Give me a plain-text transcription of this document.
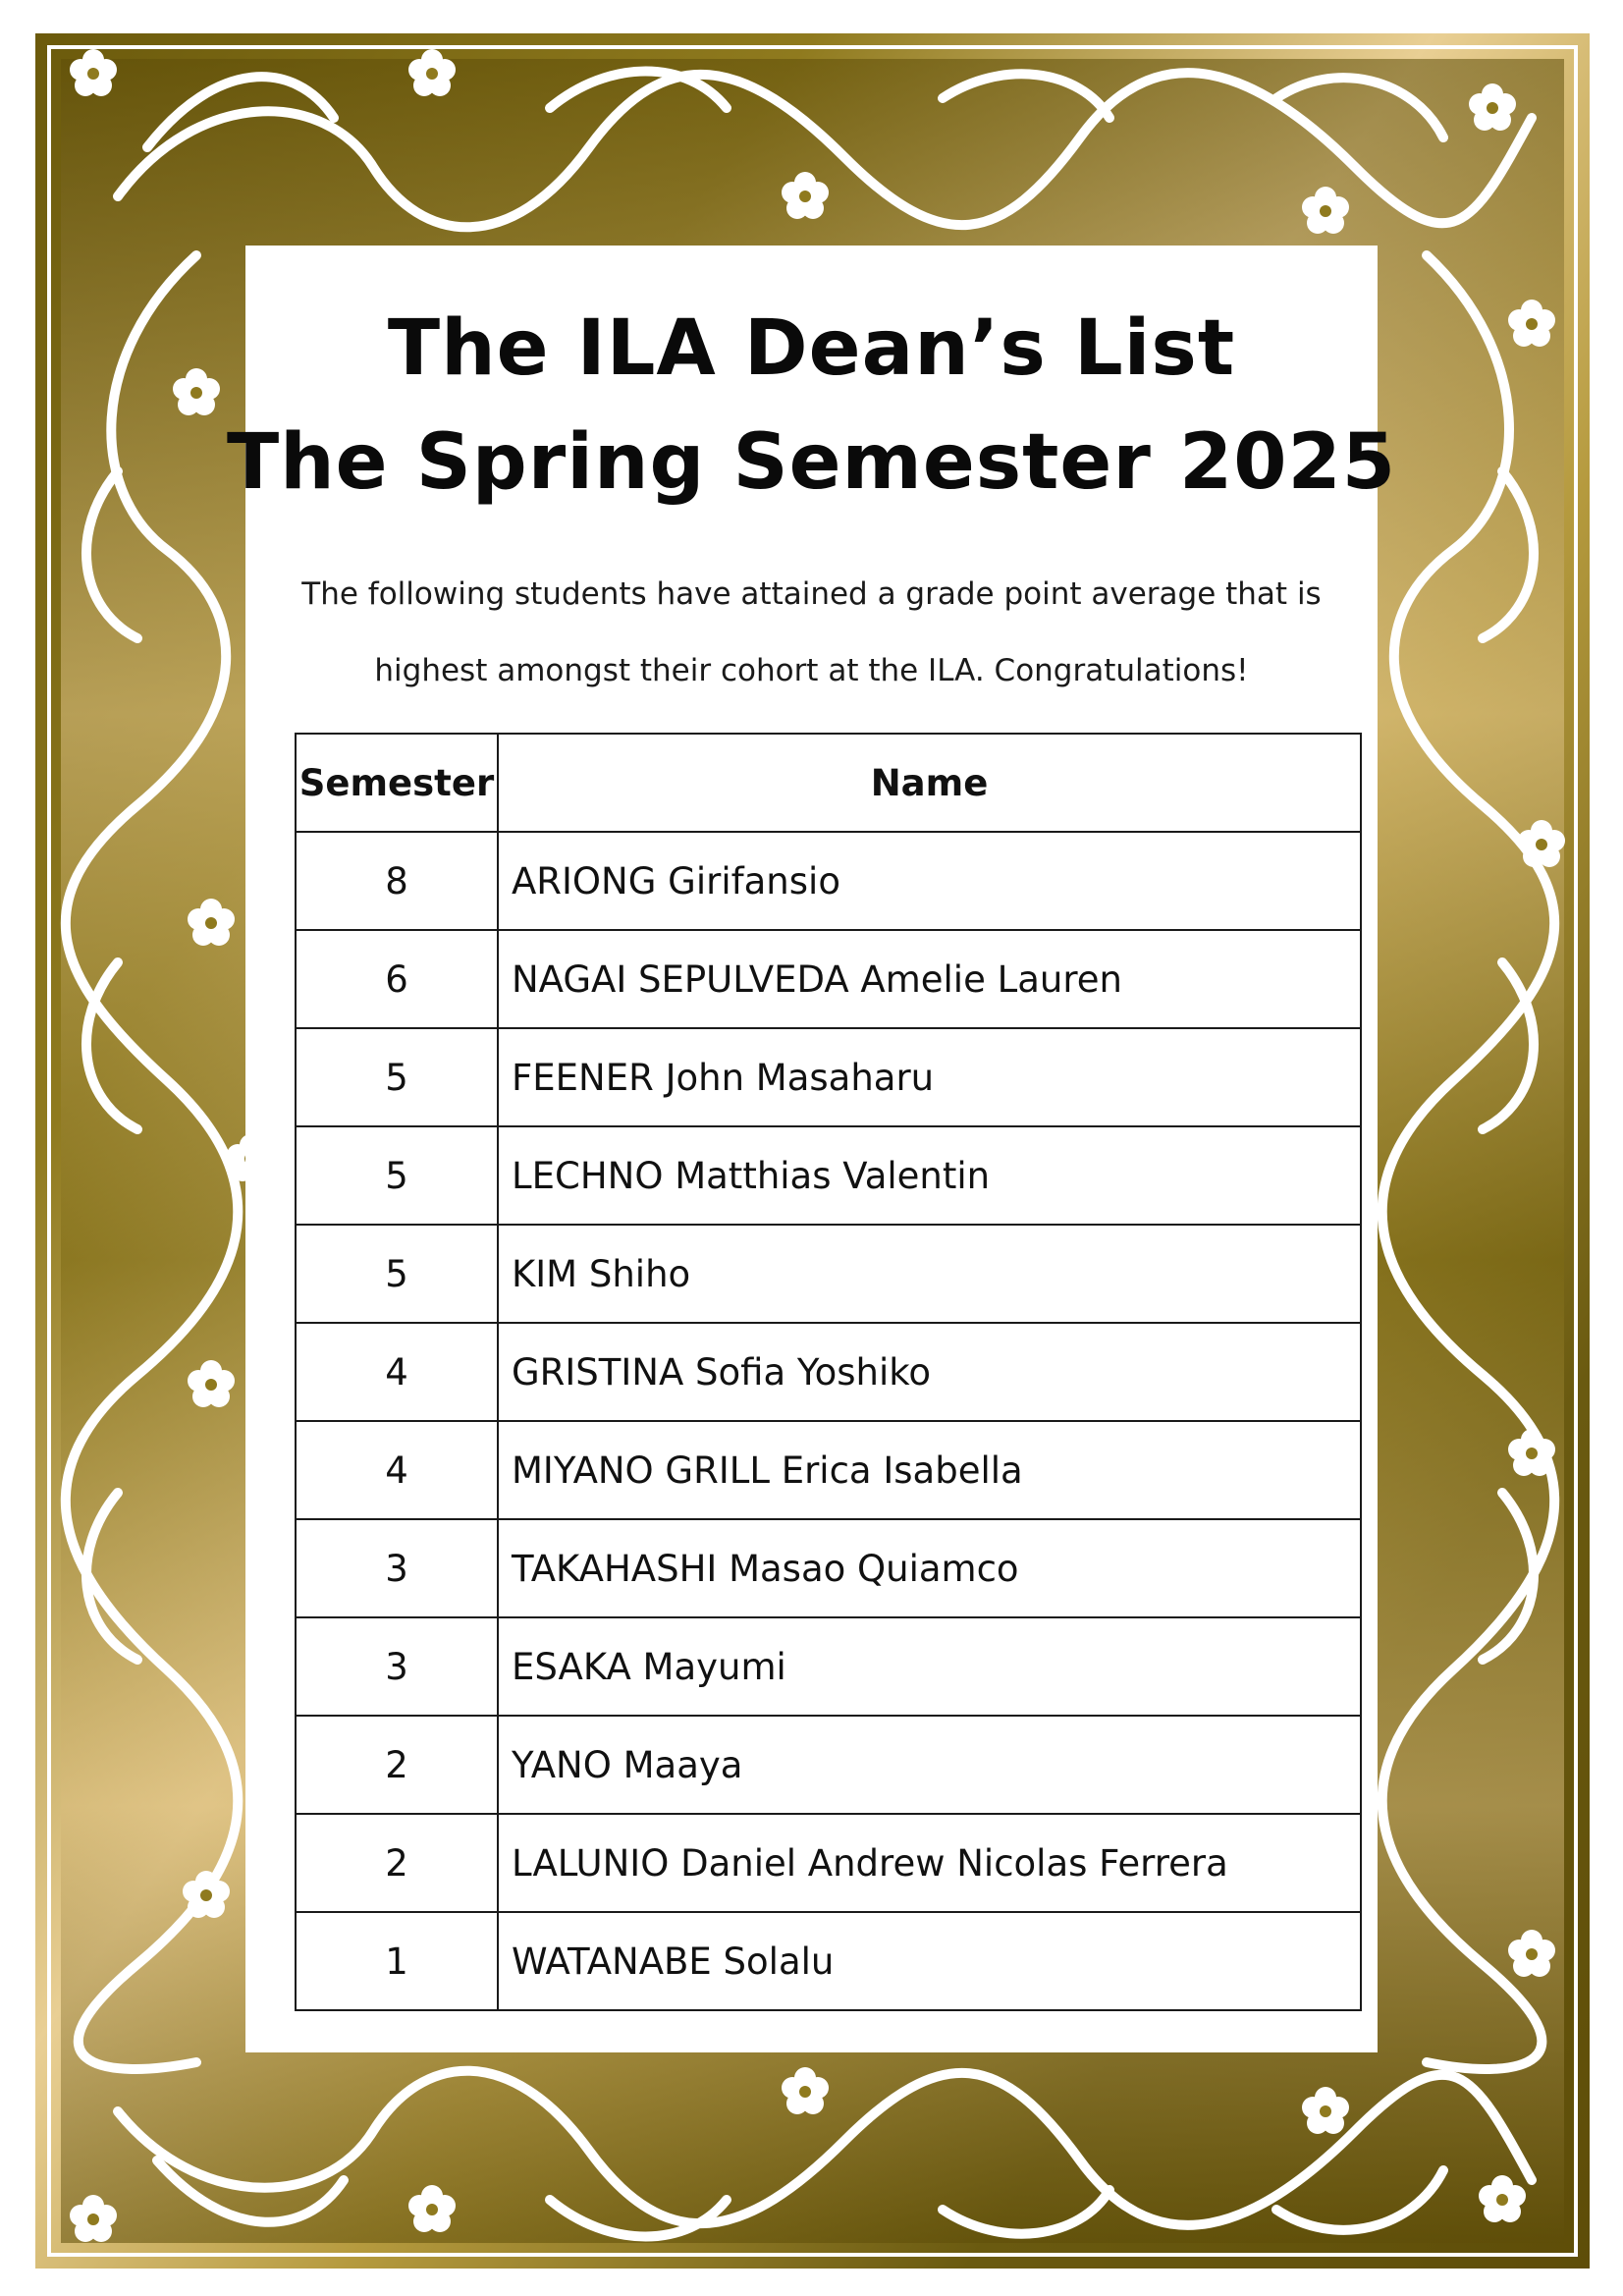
The ILA Dean’s List
The Spring Semester 2025
The following students have attained a grade point average that is
highest amongst their cohort at the ILA. Congratulations!
Semester	Name
8	ARIONG Girifansio
6	NAGAI SEPULVEDA Amelie Lauren
5	FEENER John Masaharu
5	LECHNO Matthias Valentin
5	KIM Shiho
4	GRISTINA Sofia Yoshiko
4	MIYANO GRILL Erica Isabella
3	TAKAHASHI Masao Quiamco
3	ESAKA Mayumi
2	YANO Maaya
2	LALUNIO Daniel Andrew Nicolas Ferrera
1	WATANABE Solalu
